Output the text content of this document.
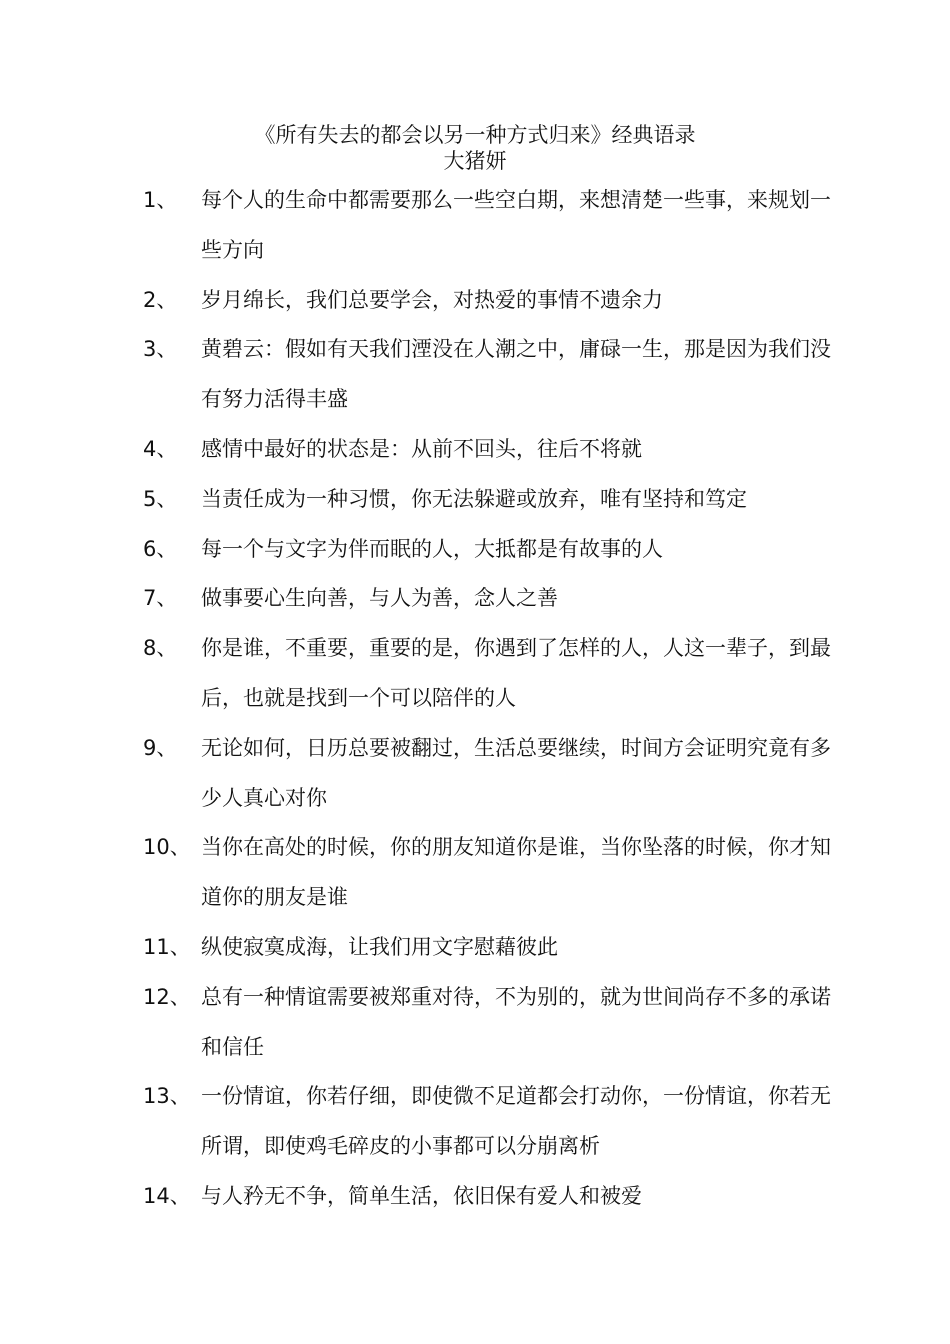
《所有失去的都会以另一种方式归来》经典语录
大猪妍
1、	每个人的生命中都需要那么一些空白期，来想清楚一些事，来规划一些方向
2、	岁月绵长，我们总要学会，对热爱的事情不遗余力
3、	黄碧云：假如有天我们湮没在人潮之中，庸碌一生，那是因为我们没有努力活得丰盛
4、	感情中最好的状态是：从前不回头，往后不将就
5、	当责任成为一种习惯，你无法躲避或放弃，唯有坚持和笃定
6、	每一个与文字为伴而眠的人，大抵都是有故事的人
7、	做事要心生向善，与人为善，念人之善
8、	你是谁，不重要，重要的是，你遇到了怎样的人，人这一辈子，到最后，也就是找到一个可以陪伴的人
9、	无论如何，日历总要被翻过，生活总要继续，时间方会证明究竟有多少人真心对你
10、 当你在高处的时候，你的朋友知道你是谁，当你坠落的时候，你才知道你的朋友是谁
11、 纵使寂寞成海，让我们用文字慰藉彼此
12、 总有一种情谊需要被郑重对待，不为别的，就为世间尚存不多的承诺和信任
13、 一份情谊，你若仔细，即使微不足道都会打动你，一份情谊，你若无所谓，即使鸡毛碎皮的小事都可以分崩离析
14、 与人矜无不争，简单生活，依旧保有爱人和被爱
